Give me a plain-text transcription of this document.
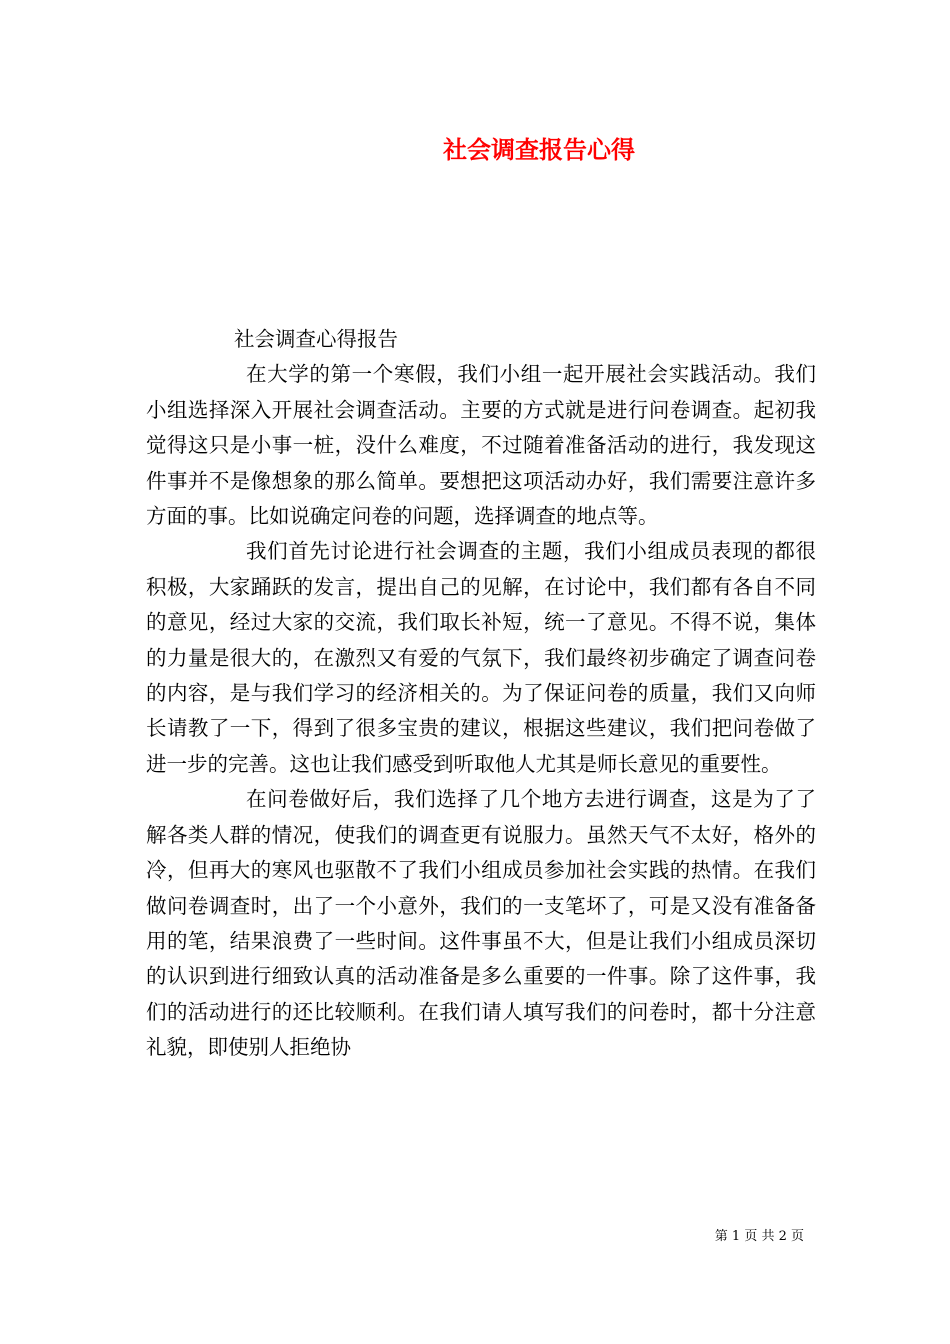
社会调查报告心得

社会调查心得报告

在大学的第一个寒假，我们小组一起开展社会实践活动。我们小组选择深入开展社会调查活动。主要的方式就是进行问卷调查。起初我觉得这只是小事一桩，没什么难度，不过随着准备活动的进行，我发现这件事并不是像想象的那么简单。要想把这项活动办好，我们需要注意许多方面的事。比如说确定问卷的问题，选择调查的地点等。

我们首先讨论进行社会调查的主题，我们小组成员表现的都很积极，大家踊跃的发言，提出自己的见解，在讨论中，我们都有各自不同的意见，经过大家的交流，我们取长补短，统一了意见。不得不说，集体的力量是很大的，在激烈又有爱的气氛下，我们最终初步确定了调查问卷的内容，是与我们学习的经济相关的。为了保证问卷的质量，我们又向师长请教了一下，得到了很多宝贵的建议，根据这些建议，我们把问卷做了进一步的完善。这也让我们感受到听取他人尤其是师长意见的重要性。

在问卷做好后，我们选择了几个地方去进行调查，这是为了了解各类人群的情况，使我们的调查更有说服力。虽然天气不太好，格外的冷，但再大的寒风也驱散不了我们小组成员参加社会实践的热情。在我们做问卷调查时，出了一个小意外，我们的一支笔坏了，可是又没有准备备用的笔，结果浪费了一些时间。这件事虽不大，但是让我们小组成员深切的认识到进行细致认真的活动准备是多么重要的一件事。除了这件事，我们的活动进行的还比较顺利。在我们请人填写我们的问卷时，都十分注意礼貌，即使别人拒绝协

第 1 页 共 2 页
